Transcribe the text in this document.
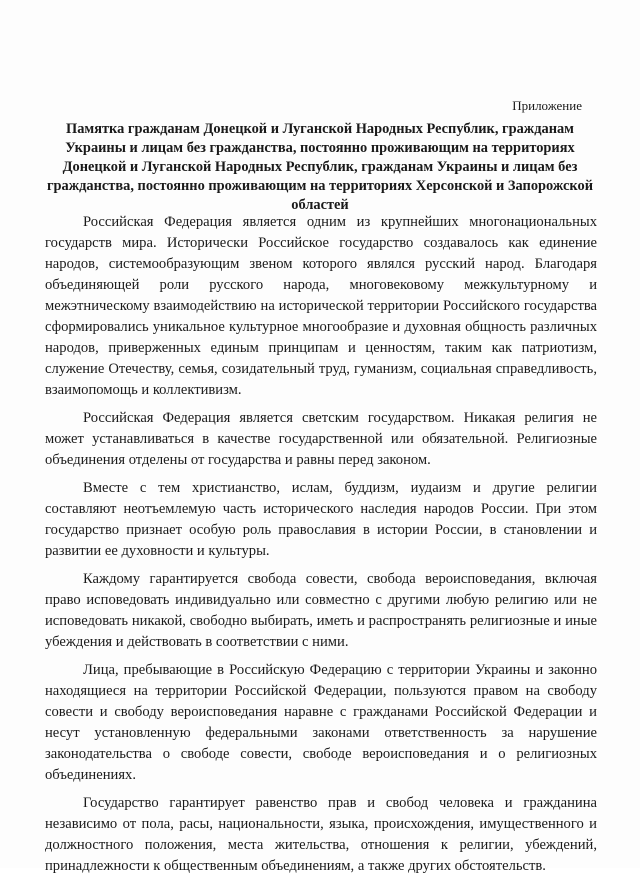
Приложение
Памятка гражданам Донецкой и Луганской Народных Республик, гражданам Украины и лицам без гражданства, постоянно проживающим на территориях Донецкой и Луганской Народных Республик, гражданам Украины и лицам без гражданства, постоянно проживающим на территориях Херсонской и Запорожской областей

Российская Федерация является одним из крупнейших многонациональных государств мира. Исторически Российское государство создавалось как единение народов, системообразующим звеном которого являлся русский народ. Благодаря объединяющей роли русского народа, многовековому межкультурному и межэтническому взаимодействию на исторической территории Российского государства сформировались уникальное культурное многообразие и духовная общность различных народов, приверженных единым принципам и ценностям, таким как патриотизм, служение Отечеству, семья, созидательный труд, гуманизм, социальная справедливость, взаимопомощь и коллективизм.

Российская Федерация является светским государством. Никакая религия не может устанавливаться в качестве государственной или обязательной. Религиозные объединения отделены от государства и равны перед законом.

Вместе с тем христианство, ислам, буддизм, иудаизм и другие религии составляют неотъемлемую часть исторического наследия народов России. При этом государство признает особую роль православия в истории России, в становлении и развитии ее духовности и культуры.

Каждому гарантируется свобода совести, свобода вероисповедания, включая право исповедовать индивидуально или совместно с другими любую религию или не исповедовать никакой, свободно выбирать, иметь и распространять религиозные и иные убеждения и действовать в соответствии с ними.

Лица, пребывающие в Российскую Федерацию с территории Украины и законно находящиеся на территории Российской Федерации, пользуются правом на свободу совести и свободу вероисповедания наравне с гражданами Российской Федерации и несут установленную федеральными законами ответственность за нарушение законодательства о свободе совести, свободе вероисповедания и о религиозных объединениях.

Государство гарантирует равенство прав и свобод человека и гражданина независимо от пола, расы, национальности, языка, происхождения, имущественного и должностного положения, места жительства, отношения к религии, убеждений, принадлежности к общественным объединениям, а также других обстоятельств.
